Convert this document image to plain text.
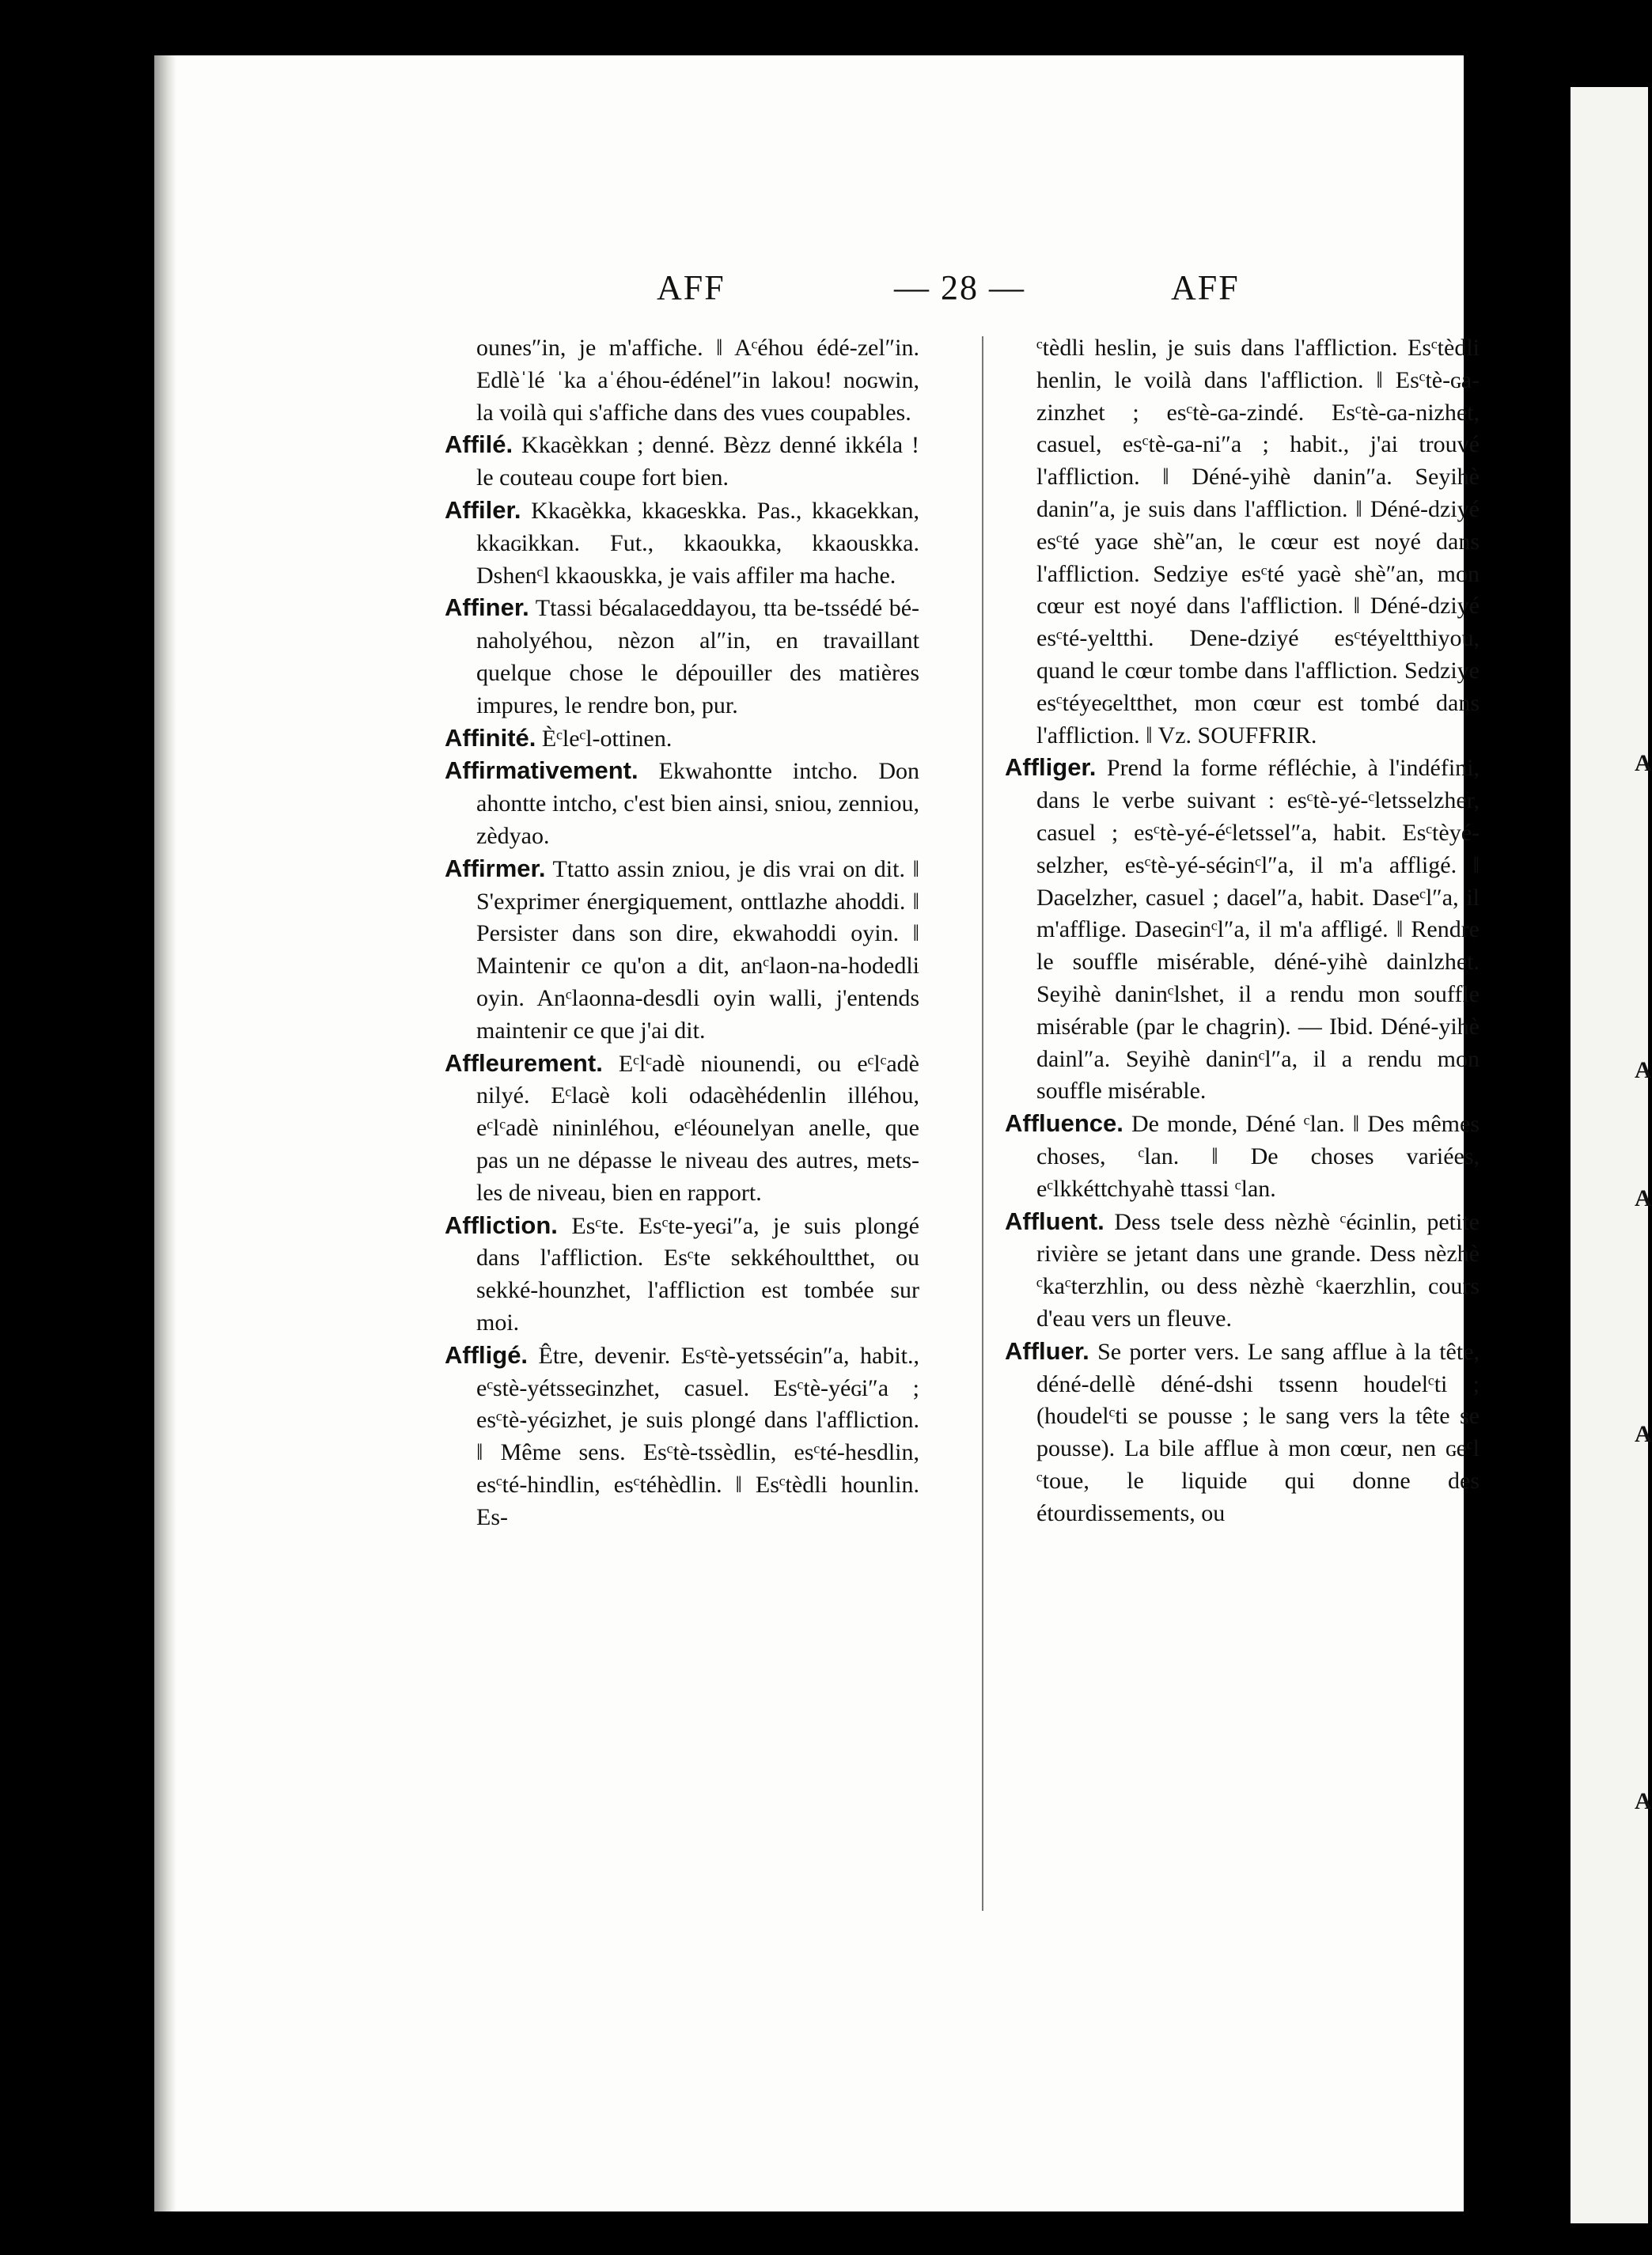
A
A
A
A
A
AFF	— 28 —	AFF

ounes″in, je m'affiche. ‖ Aᶜéhou édé-zel″in. Edlèˈlé ˈka aˈéhou-édénel″in lakou! noɢwin, la voilà qui s'affiche dans des vues coupables.

Affilé. Kkaɢèkkan ; denné. Bèzz denné ikkéla ! le couteau coupe fort bien.

Affiler. Kkaɢèkka, kkaɢeskka. Pas., kkaɢekkan, kkaɢikkan. Fut., kkaoukka, kkaouskka. Dshenᶜl kkaouskka, je vais affiler ma hache.

Affiner. Ttassi béɢalaɢeddayou, tta be-tssédé bé-naholyéhou, nèzon al″in, en travaillant quelque chose le dépouiller des matières impures, le rendre bon, pur.

Affinité. Èᶜleᶜl-ottinen.

Affirmativement. Ekwahontte intcho. Don ahontte intcho, c'est bien ainsi, sniou, zenniou, zèdyao.

Affirmer. Ttatto assin zniou, je dis vrai on dit. ‖ S'exprimer énergiquement, onttlazhe ahoddi. ‖ Persister dans son dire, ekwahoddi oyin. ‖ Maintenir ce qu'on a dit, anᶜlaon-na-hodedli oyin. Anᶜlaonna-desdli oyin walli, j'entends maintenir ce que j'ai dit.

Affleurement. Eᶜlᶜadè niounendi, ou eᶜlᶜadè nilyé. Eᶜlaɢè koli odaɢèhédenlin illéhou, eᶜlᶜadè nininléhou, eᶜléounelyan anelle, que pas un ne dépasse le niveau des autres, mets-les de niveau, bien en rapport.

Affliction. Esᶜte. Esᶜte-yeɢi″a, je suis plongé dans l'affliction. Esᶜte sekkéhoultthet, ou sekké-hounzhet, l'affliction est tombée sur moi.

Affligé. Être, devenir. Esᶜtè-yetsséɢin″a, habit., eᶜstè-yétsseɢinzhet, casuel. Esᶜtè-yéɢi″a ; esᶜtè-yéɢizhet, je suis plongé dans l'affliction. ‖ Même sens. Esᶜtè-tssèdlin, esᶜté-hesdlin, esᶜté-hindlin, esᶜtéhèdlin. ‖ Esᶜtèdli hounlin. Es-

ᶜtèdli heslin, je suis dans l'affliction. Esᶜtèdli henlin, le voilà dans l'affliction. ‖ Esᶜtè-ɢa-zinzhet ; esᶜtè-ɢa-zindé. Esᶜtè-ɢa-nizhet, casuel, esᶜtè-ɢa-ni″a ; habit., j'ai trouvé l'affliction. ‖ Déné-yihè danin″a. Seyihè danin″a, je suis dans l'affliction. ‖ Déné-dziyé esᶜté yaɢe shè″an, le cœur est noyé dans l'affliction. Sedziye esᶜté yaɢè shè″an, mon cœur est noyé dans l'affliction. ‖ Déné-dziyé esᶜté-yeltthi. Dene-dziyé esᶜtéyeltthiyou, quand le cœur tombe dans l'affliction. Sedziye esᶜtéyeɢeltthet, mon cœur est tombé dans l'affliction. ‖ Vz. SOUFFRIR.

Affliger. Prend la forme réfléchie, à l'indéfini, dans le verbe suivant : esᶜtè-yé-ᶜletsselzher, casuel ; esᶜtè-yé-éᶜletssel″a, habit. Esᶜtèyé-selzher, esᶜtè-yé-séɢinᶜl″a, il m'a affligé. ‖ Daɢelzher, casuel ; daɢel″a, habit. Daseᶜl″a, il m'afflige. Daseɢinᶜl″a, il m'a affligé. ‖ Rendre le souffle misérable, déné-yihè dainlzhet. Seyihè daninᶜlshet, il a rendu mon souffle misérable (par le chagrin). — Ibid. Déné-yihè dainl″a. Seyihè daninᶜl″a, il a rendu mon souffle misérable.

Affluence. De monde, Déné ᶜlan. ‖ Des mêmes choses, ᶜlan. ‖ De choses variées, eᶜlkkéttchyahè ttassi ᶜlan.

Affluent. Dess tsele dess nèzhè ᶜéɢinlin, petite rivière se jetant dans une grande. Dess nèzhè ᶜkaᶜterzhlin, ou dess nèzhè ᶜkaerzhlin, cours d'eau vers un fleuve.

Affluer. Se porter vers. Le sang afflue à la tête, déné-dellè déné-dshi tssenn houdelᶜti ; (houdelᶜti se pousse ; le sang vers la tête se pousse). La bile afflue à mon cœur, nen ɢeᶜl ᶜtoue, le liquide qui donne des étourdissements, ou
